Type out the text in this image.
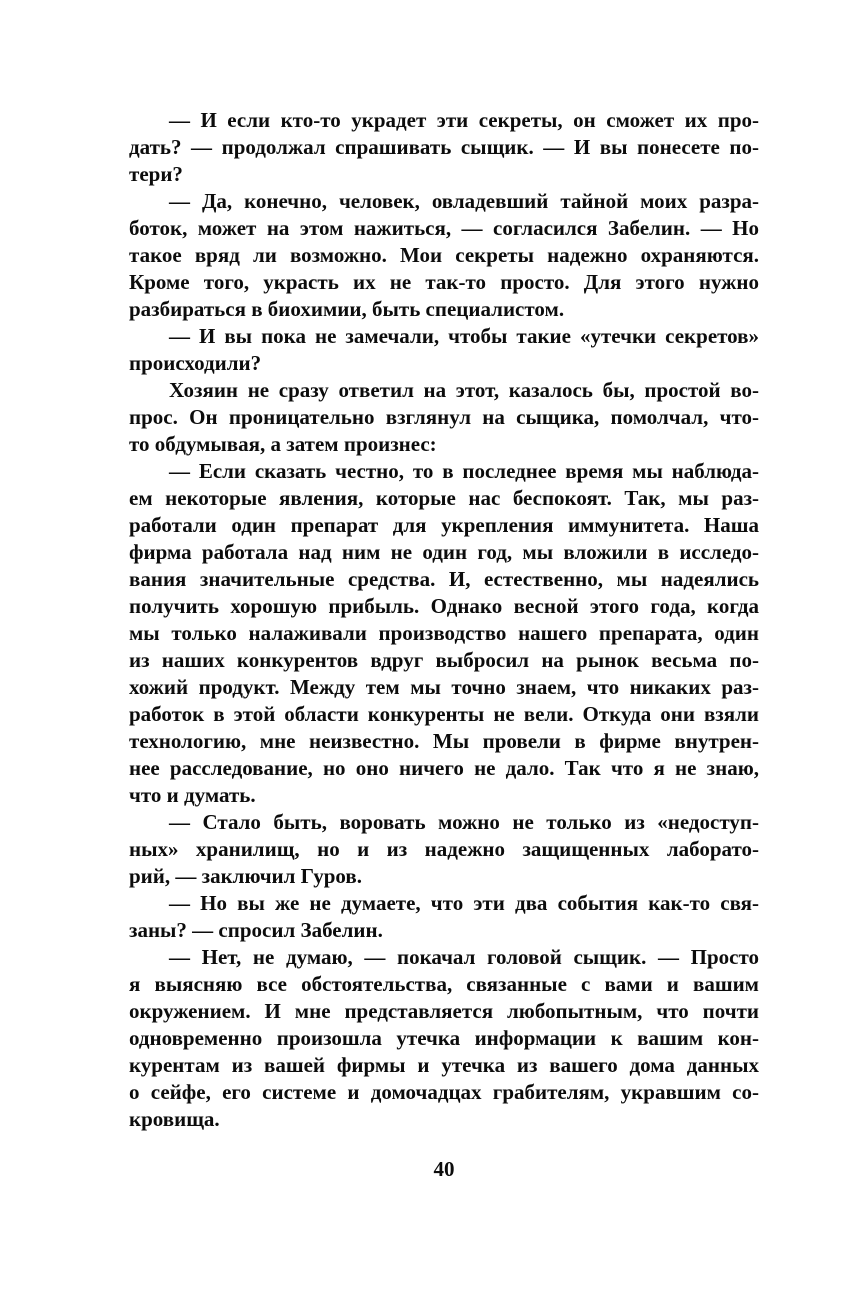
— И если кто-то украдет эти секреты, он сможет их про-
дать? — продолжал спрашивать сыщик. — И вы понесете по-
тери?
— Да, конечно, человек, овладевший тайной моих разра-
боток, может на этом нажиться, — согласился Забелин. — Но
такое вряд ли возможно. Мои секреты надежно охраняются.
Кроме того, украсть их не так-то просто. Для этого нужно
разбираться в биохимии, быть специалистом.
— И вы пока не замечали, чтобы такие «утечки секретов»
происходили?
Хозяин не сразу ответил на этот, казалось бы, простой во-
прос. Он проницательно взглянул на сыщика, помолчал, что-
то обдумывая, а затем произнес:
— Если сказать честно, то в последнее время мы наблюда-
ем некоторые явления, которые нас беспокоят. Так, мы раз-
работали один препарат для укрепления иммунитета. Наша
фирма работала над ним не один год, мы вложили в исследо-
вания значительные средства. И, естественно, мы надеялись
получить хорошую прибыль. Однако весной этого года, когда
мы только налаживали производство нашего препарата, один
из наших конкурентов вдруг выбросил на рынок весьма по-
хожий продукт. Между тем мы точно знаем, что никаких раз-
работок в этой области конкуренты не вели. Откуда они взяли
технологию, мне неизвестно. Мы провели в фирме внутрен-
нее расследование, но оно ничего не дало. Так что я не знаю,
что и думать.
— Стало быть, воровать можно не только из «недоступ-
ных» хранилищ, но и из надежно защищенных лаборато-
рий, — заключил Гуров.
— Но вы же не думаете, что эти два события как-то свя-
заны? — спросил Забелин.
— Нет, не думаю, — покачал головой сыщик. — Просто
я выясняю все обстоятельства, связанные с вами и вашим
окружением. И мне представляется любопытным, что почти
одновременно произошла утечка информации к вашим кон-
курентам из вашей фирмы и утечка из вашего дома данных
о сейфе, его системе и домочадцах грабителям, укравшим со-
кровища.
40
